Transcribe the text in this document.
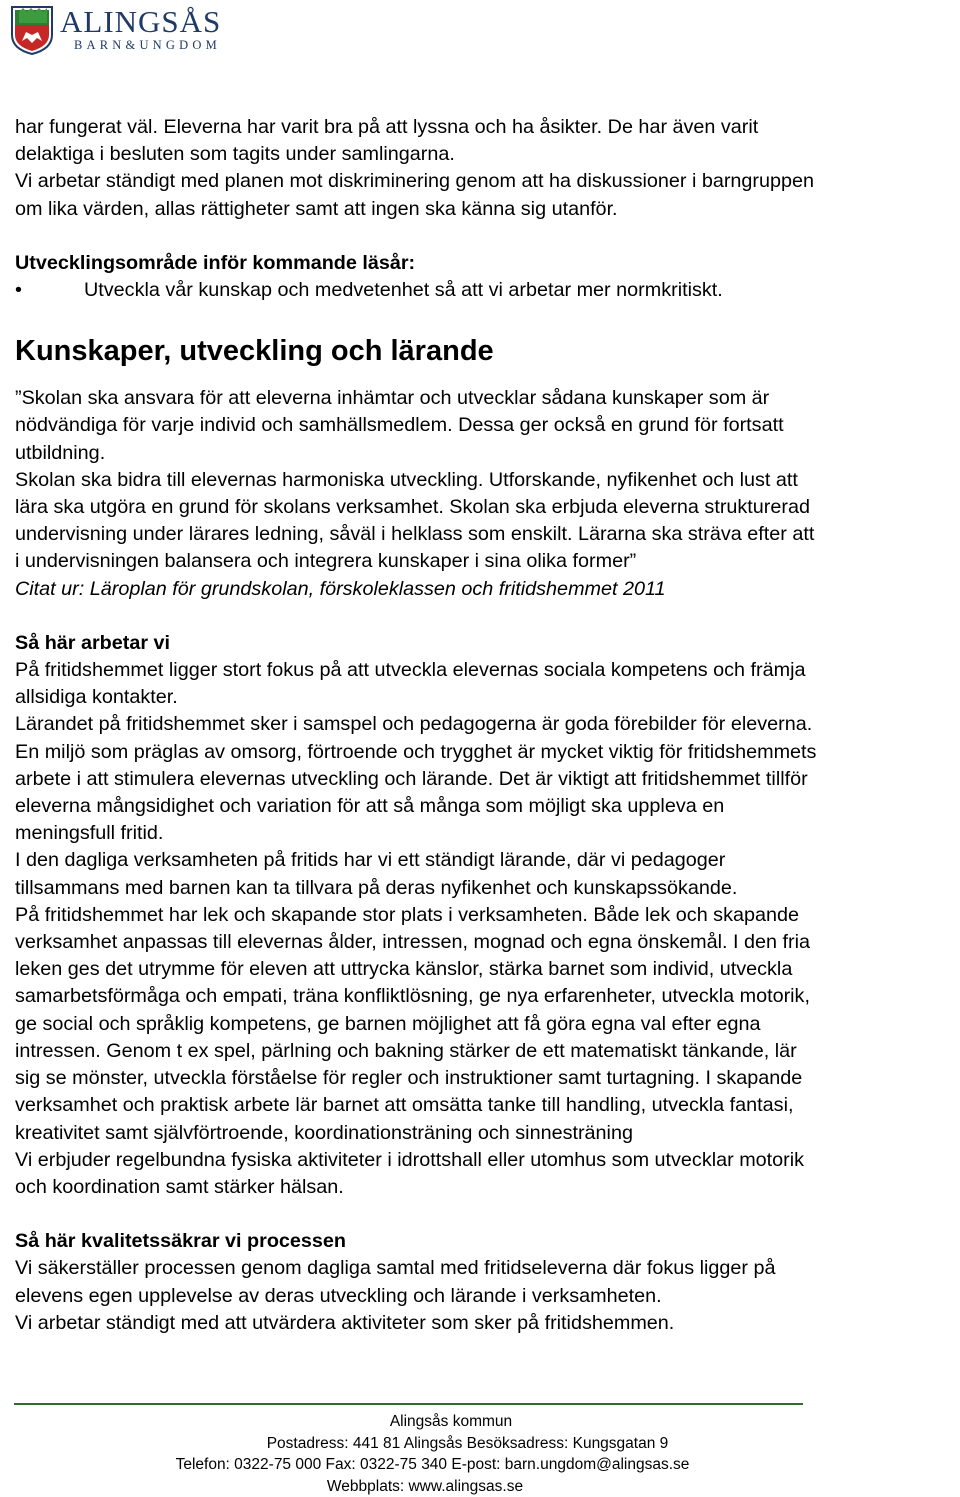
ALINGSÅS
BARN&UNGDOM

har fungerat väl. Eleverna har varit bra på att lyssna och ha åsikter. De har även varit

delaktiga i besluten som tagits under samlingarna.

Vi arbetar ständigt med planen mot diskriminering genom att ha diskussioner i barngruppen

om lika värden, allas rättigheter samt att ingen ska känna sig utanför.

Utvecklingsområde inför kommande läsår:
•	Utveckla vår kunskap och medvetenhet så att vi arbetar mer normkritiskt.
Kunskaper, utveckling och lärande

”Skolan ska ansvara för att eleverna inhämtar och utvecklar sådana kunskaper som är

nödvändiga för varje individ och samhällsmedlem. Dessa ger också en grund för fortsatt

utbildning.

Skolan ska bidra till elevernas harmoniska utveckling. Utforskande, nyfikenhet och lust att

lära ska utgöra en grund för skolans verksamhet. Skolan ska erbjuda eleverna strukturerad

undervisning under lärares ledning, såväl i helklass som enskilt. Lärarna ska sträva efter att

i undervisningen balansera och integrera kunskaper i sina olika former”

Citat ur: Läroplan för grundskolan, förskoleklassen och fritidshemmet 2011

Så här arbetar vi

På fritidshemmet ligger stort fokus på att utveckla elevernas sociala kompetens och främja

allsidiga kontakter.

Lärandet på fritidshemmet sker i samspel och pedagogerna är goda förebilder för eleverna.

En miljö som präglas av omsorg, förtroende och trygghet är mycket viktig för fritidshemmets

arbete i att stimulera elevernas utveckling och lärande. Det är viktigt att fritidshemmet tillför

eleverna mångsidighet och variation för att så många som möjligt ska uppleva en

meningsfull fritid.

I den dagliga verksamheten på fritids har vi ett ständigt lärande, där vi pedagoger

tillsammans med barnen kan ta tillvara på deras nyfikenhet och kunskapssökande.

På fritidshemmet har lek och skapande stor plats i verksamheten. Både lek och skapande

verksamhet anpassas till elevernas ålder, intressen, mognad och egna önskemål. I den fria

leken ges det utrymme för eleven att uttrycka känslor, stärka barnet som individ, utveckla

samarbetsförmåga och empati, träna konfliktlösning, ge nya erfarenheter, utveckla motorik,

ge social och språklig kompetens, ge barnen möjlighet att få göra egna val efter egna

intressen. Genom t ex spel, pärlning och bakning stärker de ett matematiskt tänkande, lär

sig se mönster, utveckla förståelse för regler och instruktioner samt turtagning. I skapande

verksamhet och praktisk arbete lär barnet att omsätta tanke till handling, utveckla fantasi,

kreativitet samt självförtroende, koordinationsträning och sinnesträning

Vi erbjuder regelbundna fysiska aktiviteter i idrottshall eller utomhus som utvecklar motorik

och koordination samt stärker hälsan.

Så här kvalitetssäkrar vi processen

Vi säkerställer processen genom dagliga samtal med fritidseleverna där fokus ligger på

elevens egen upplevelse av deras utveckling och lärande i verksamheten.

Vi arbetar ständigt med att utvärdera aktiviteter som sker på fritidshemmen.

Alingsås kommun
Postadress: 441 81 Alingsås Besöksadress: Kungsgatan 9
Telefon: 0322-75 000 Fax: 0322-75 340 E-post: barn.ungdom@alingsas.se
Webbplats: www.alingsas.se
